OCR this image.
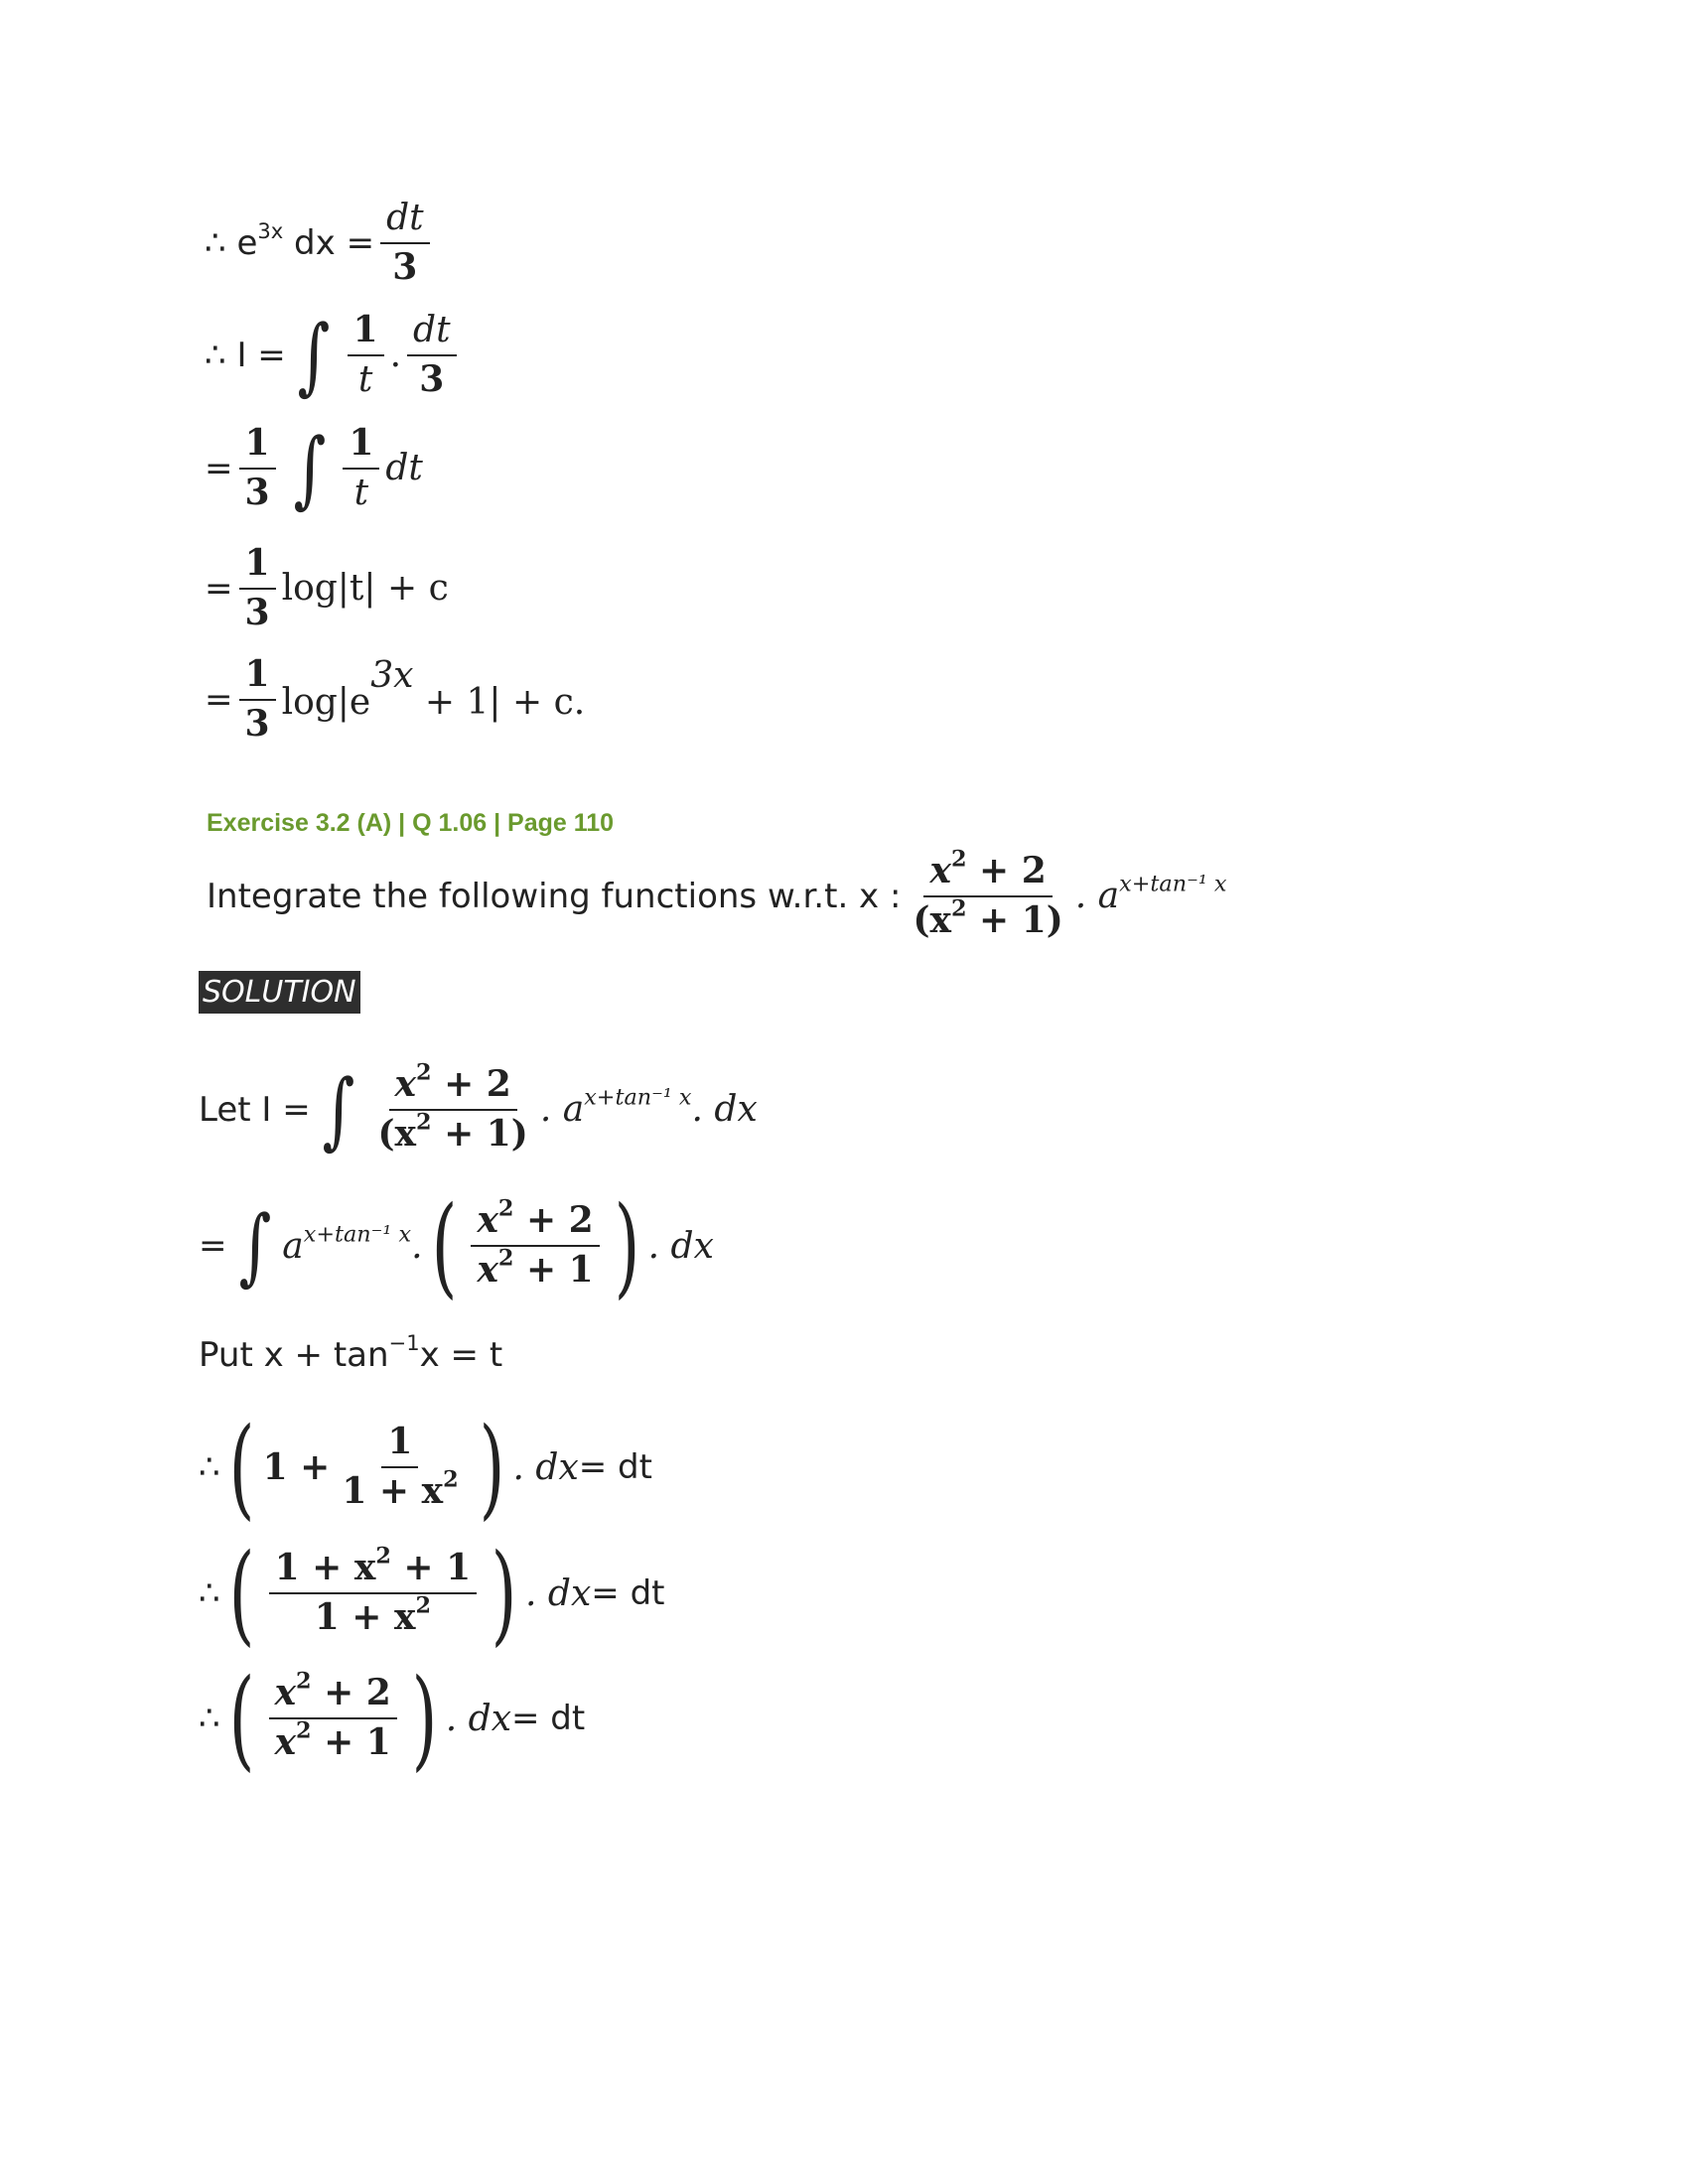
∴ $e^{3x}$ dx = $\frac{dt}{3}$
∴ I = ∫ $\frac{1}{t}$ . $\frac{dt}{3}$
= $\frac{1}{3}$ ∫ $\frac{1}{t}$ dt
= $\frac{1}{3} \log|t| + c$
= $\frac{1}{3} \log|e^{3x} + 1| + c$.
Exercise 3.2 (A) | Q 1.06 | Page 110
Integrate the following functions w.r.t. x : $\frac{x^2 + 2}{(x^2 + 1)}$ . $a^{x+tan^{-1} x}$
SOLUTION
Let I = ∫ $\frac{x^2 + 2}{(x^2 + 1)}$ . $a^{x+tan^{-1} x}$. dx
= ∫ $a^{x+tan^{-1} x}$. ( $\frac{x^2 + 2}{x^2 + 1}$ ) . dx
Put $x + \tan^{-1}x = t$
∴ ( $1 + \frac{1}{1 + x^2}$ ) . dx = dt
∴ ( $\frac{1 + x^2 + 1}{1 + x^2}$ ) . dx = dt
∴ ( $\frac{x^2 + 2}{x^2 + 1}$ ) . dx = dt
